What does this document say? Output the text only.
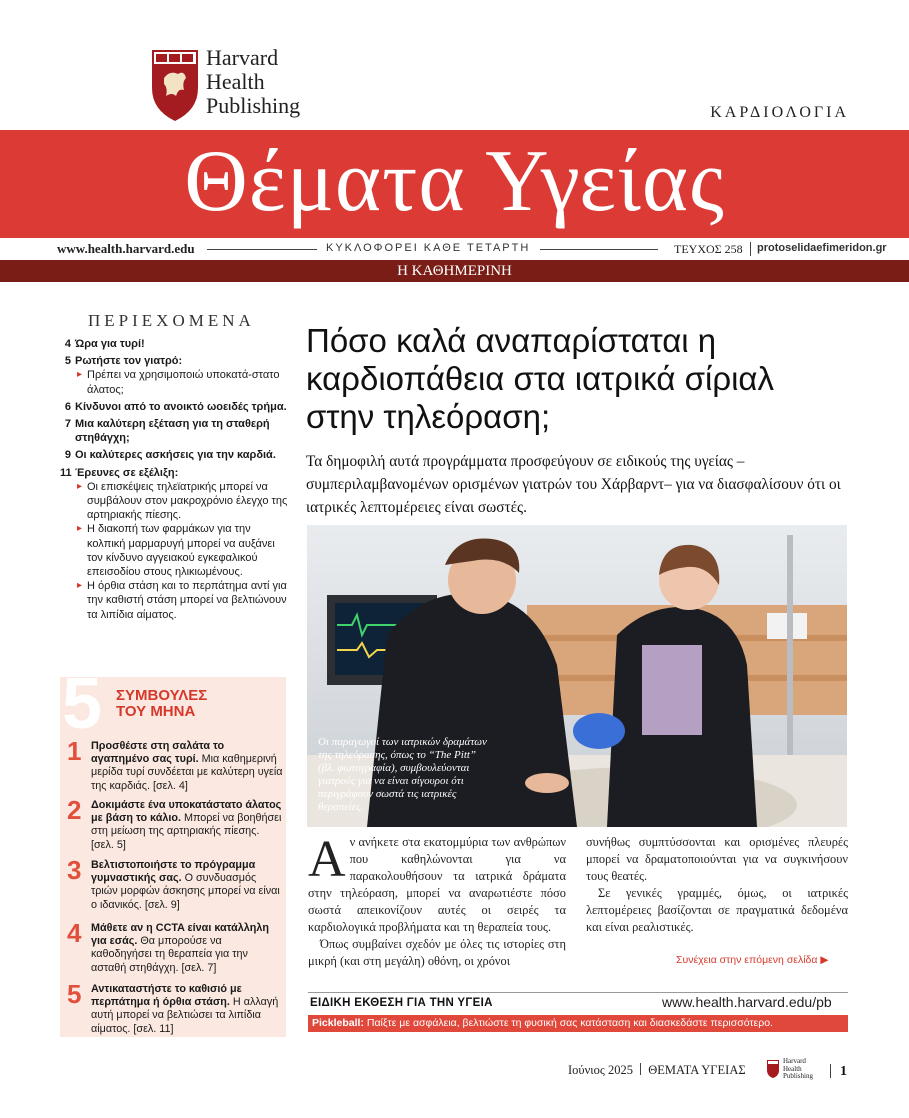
Harvard
Health
Publishing	ΚΑΡΔΙΟΛΟΓΙΑ
Θέματα Υγείας
www.health.harvard.edu	ΚΥΚΛΟΦΟΡΕΙ ΚΑΘΕ ΤΕΤΑΡΤΗ	ΤΕΥΧΟΣ 258 protoselidaefimeridon.gr
Η ΚΑΘΗΜΕΡΙΝΗ
ΠΕΡΙΕΧΟΜΕΝΑ
4 Ώρα για τυρί!
5 Ρωτήστε τον γιατρό:
▸ Πρέπει να χρησιμοποιώ υποκατά-στατο άλατος;
6 Κίνδυνοι από το ανοικτό ωοειδές τρήμα.
7 Μια καλύτερη εξέταση για τη σταθερή στηθάγχη;
9 Οι καλύτερες ασκήσεις για την καρδιά.
11 Έρευνες σε εξέλιξη:
▸ Οι επισκέψεις τηλεϊατρικής μπορεί να συμβάλουν στον μακροχρόνιο έλεγχο της αρτηριακής πίεσης.
▸ Η διακοπή των φαρμάκων για την κολπική μαρμαρυγή μπορεί να αυξάνει τον κίνδυνο αγγειακού εγκεφαλικού επεισοδίου στους ηλικιωμένους.
▸ Η όρθια στάση και το περπάτημα αντί για την καθιστή στάση μπορεί να βελτιώνουν τα λιπίδια αίματος.
5 ΣΥΜΒΟΥΛΕΣ
ΤΟΥ ΜΗΝΑ
1 Προσθέστε στη σαλάτα το αγαπημένο σας τυρί. Μια καθημερινή μερίδα τυρί συνδέεται με καλύτερη υγεία της καρδιάς. [σελ. 4]
2 Δοκιμάστε ένα υποκατάστατο άλατος με βάση το κάλιο. Μπορεί να βοηθήσει στη μείωση της αρτηριακής πίεσης. [σελ. 5]
3 Βελτιστοποιήστε το πρόγραμμα γυμναστικής σας. Ο συνδυασμός τριών μορφών άσκησης μπορεί να είναι ο ιδανικός. [σελ. 9]
4 Μάθετε αν η CCTA είναι κατάλληλη για εσάς. Θα μπορούσε να καθοδηγήσει τη θεραπεία για την ασταθή στηθάγχη. [σελ. 7]
5 Αντικαταστήστε το καθισιό με περπάτημα ή όρθια στάση. Η αλλαγή αυτή μπορεί να βελτιώσει τα λιπίδια αίματος. [σελ. 11]
Πόσο καλά αναπαρίσταται η καρδιοπάθεια στα ιατρικά σίριαλ στην τηλεόραση;
Τα δημοφιλή αυτά προγράμματα προσφεύγουν σε ειδικούς της υγείας –συμπεριλαμβανομένων ορισμένων γιατρών του Χάρβαρντ– για να διασφαλίσουν ότι οι ιατρικές λεπτομέρειες είναι σωστές.
Οι παραγωγοί των ιατρικών δραμάτων της τηλεόρασης, όπως το “The Pitt” (βλ. φωτογραφία), συμβουλεύονται γιατρούς για να είναι σίγουροι ότι περιγράφουν σωστά τις ιατρικές θεραπείες.

Αν ανήκετε στα εκατομμύρια των ανθρώπων που καθηλώνονται για να παρακολουθήσουν τα ιατρικά δράματα στην τηλεόραση, μπορεί να αναρωτιέστε πόσο σωστά απεικονίζουν αυτές οι σειρές τα καρδιολογικά προβλήματα και τη θεραπεία τους.

Όπως συμβαίνει σχεδόν με όλες τις ιστορίες στη μικρή (και στη μεγάλη) οθόνη, οι χρόνοι

συνήθως συμπτύσσονται και ορισμένες πλευρές μπορεί να δραματοποιούνται για να συγκινήσουν τους θεατές.

Σε γενικές γραμμές, όμως, οι ιατρικές λεπτομέρειες βασίζονται σε πραγματικά δεδομένα και είναι ρεαλιστικές.

Συνέχεια στην επόμενη σελίδα ▶
ΕΙΔΙΚΗ ΕΚΘΕΣΗ ΓΙΑ ΤΗΝ ΥΓΕΙΑ	www.health.harvard.edu/pb
Pickleball: Παίξτε με ασφάλεια, βελτιώστε τη φυσική σας κατάσταση και διασκεδάστε περισσότερο.
Ιούνιος 2025 ΘΕΜΑΤΑ ΥΓΕΙΑΣ
Harvard
Health
Publishing 1
